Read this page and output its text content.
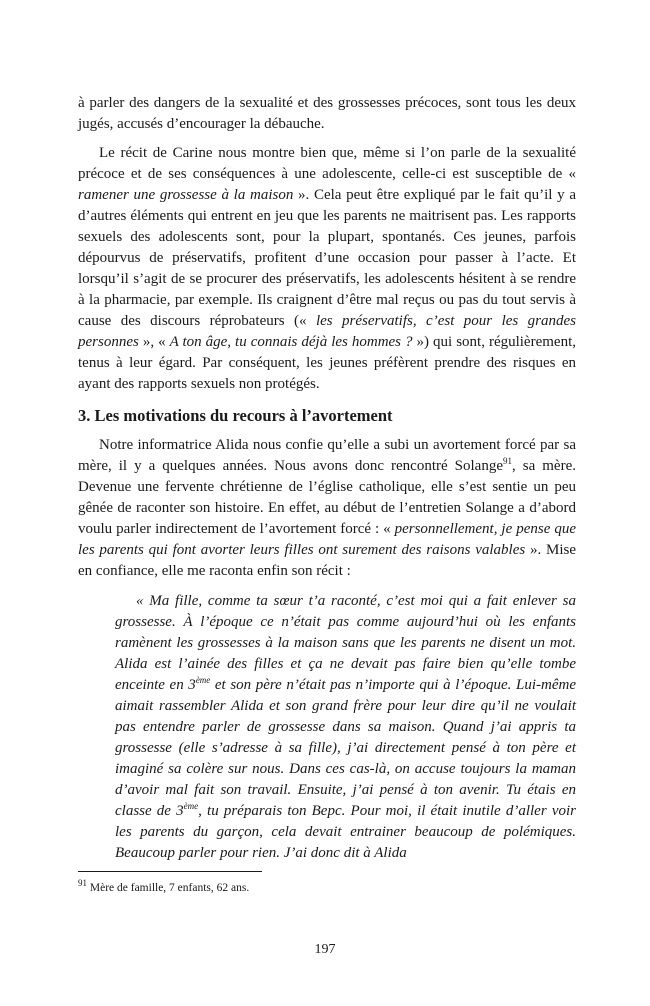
à parler des dangers de la sexualité et des grossesses précoces, sont tous les deux jugés, accusés d’encourager la débauche.

Le récit de Carine nous montre bien que, même si l’on parle de la sexualité précoce et de ses conséquences à une adolescente, celle-ci est susceptible de « ramener une grossesse à la maison ». Cela peut être expliqué par le fait qu’il y a d’autres éléments qui entrent en jeu que les parents ne maitrisent pas. Les rapports sexuels des adolescents sont, pour la plupart, spontanés. Ces jeunes, parfois dépourvus de préservatifs, profitent d’une occasion pour passer à l’acte. Et lorsqu’il s’agit de se procurer des préservatifs, les adolescents hésitent à se rendre à la pharmacie, par exemple. Ils craignent d’être mal reçus ou pas du tout servis à cause des discours réprobateurs (« les préservatifs, c’est pour les grandes personnes », « A ton âge, tu connais déjà les hommes ? ») qui sont, régulièrement, tenus à leur égard. Par conséquent, les jeunes préfèrent prendre des risques en ayant des rapports sexuels non protégés.

3. Les motivations du recours à l’avortement

Notre informatrice Alida nous confie qu’elle a subi un avortement forcé par sa mère, il y a quelques années. Nous avons donc rencontré Solange$^{91}$, sa mère. Devenue une fervente chrétienne de l’église catholique, elle s’est sentie un peu gênée de raconter son histoire. En effet, au début de l’entretien Solange a d’abord voulu parler indirectement de l’avortement forcé : « personnellement, je pense que les parents qui font avorter leurs filles ont surement des raisons valables ». Mise en confiance, elle me raconta enfin son récit :

« Ma fille, comme ta sœur t’a raconté, c’est moi qui a fait enlever sa grossesse. À l’époque ce n’était pas comme aujourd’hui où les enfants ramènent les grossesses à la maison sans que les parents ne disent un mot. Alida est l’ainée des filles et ça ne devait pas faire bien qu’elle tombe enceinte en 3ème et son père n’était pas n’importe qui à l’époque. Lui-même aimait rassembler Alida et son grand frère pour leur dire qu’il ne voulait pas entendre parler de grossesse dans sa maison. Quand j’ai appris ta grossesse (elle s’adresse à sa fille), j’ai directement pensé à ton père et imaginé sa colère sur nous. Dans ces cas-là, on accuse toujours la maman d’avoir mal fait son travail. Ensuite, j’ai pensé à ton avenir. Tu étais en classe de 3ème, tu préparais ton Bepc. Pour moi, il était inutile d’aller voir les parents du garçon, cela devait entrainer beaucoup de polémiques. Beaucoup parler pour rien. J’ai donc dit à Alida

$^{91}$ Mère de famille, 7 enfants, 62 ans.
197
